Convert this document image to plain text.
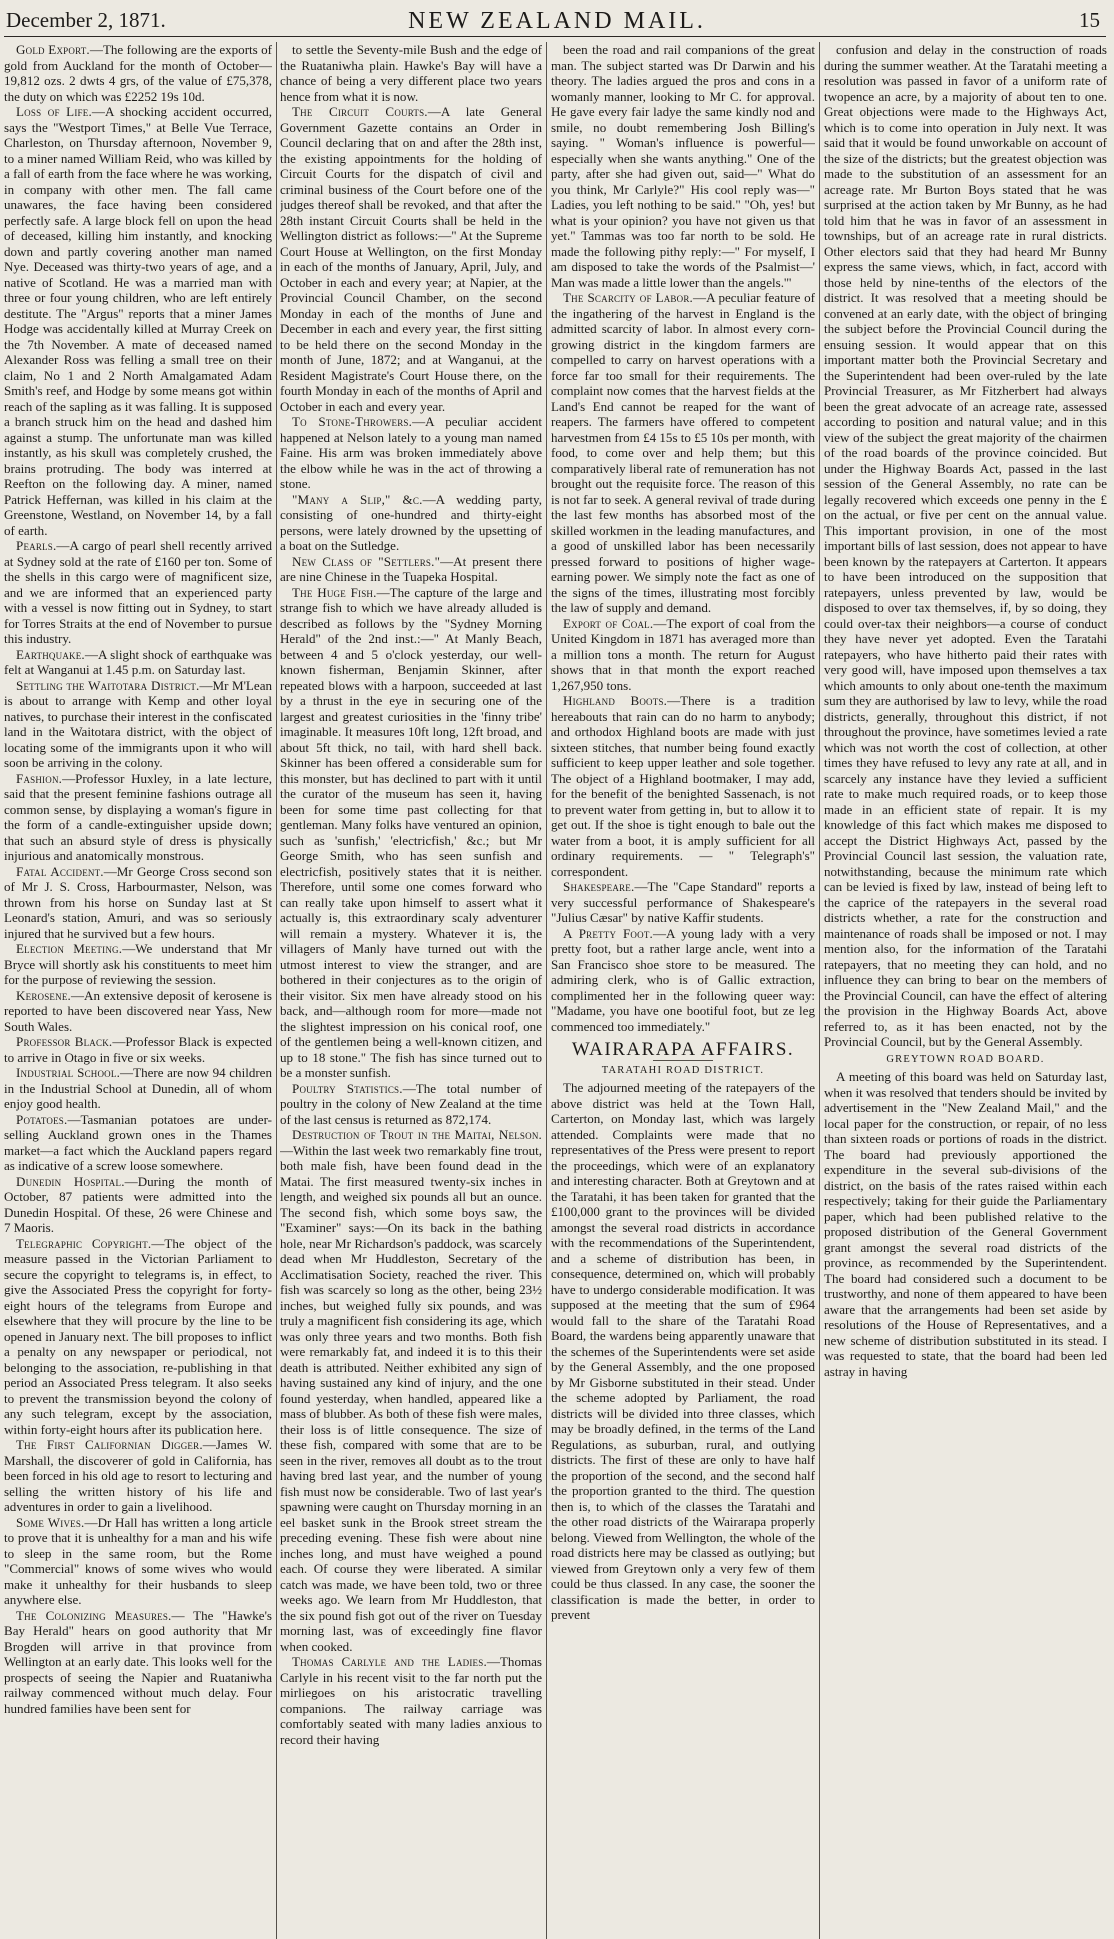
December 2, 1871.	NEW ZEALAND MAIL.	15

Gold Export.—The following are the exports of gold from Auckland for the month of October—19,812 ozs. 2 dwts 4 grs, of the value of £75,378, the duty on which was £2252 19s 10d.

Loss of Life.—A shocking accident occurred, says the "Westport Times," at Belle Vue Terrace, Charleston, on Thursday afternoon, November 9, to a miner named William Reid, who was killed by a fall of earth from the face where he was working, in company with other men. The fall came unawares, the face having been considered perfectly safe. A large block fell on upon the head of deceased, killing him instantly, and knocking down and partly covering another man named Nye. Deceased was thirty-two years of age, and a native of Scotland. He was a married man with three or four young children, who are left entirely destitute. The "Argus" reports that a miner James Hodge was accidentally killed at Murray Creek on the 7th November. A mate of deceased named Alexander Ross was felling a small tree on their claim, No 1 and 2 North Amalgamated Adam Smith's reef, and Hodge by some means got within reach of the sapling as it was falling. It is supposed a branch struck him on the head and dashed him against a stump. The unfortunate man was killed instantly, as his skull was completely crushed, the brains protruding. The body was interred at Reefton on the following day. A miner, named Patrick Heffernan, was killed in his claim at the Greenstone, Westland, on November 14, by a fall of earth.

Pearls.—A cargo of pearl shell recently arrived at Sydney sold at the rate of £160 per ton. Some of the shells in this cargo were of magnificent size, and we are informed that an experienced party with a vessel is now fitting out in Sydney, to start for Torres Straits at the end of November to pursue this industry.

Earthquake.—A slight shock of earthquake was felt at Wanganui at 1.45 p.m. on Saturday last.

Settling the Waitotara District.—Mr M'Lean is about to arrange with Kemp and other loyal natives, to purchase their interest in the confiscated land in the Waitotara district, with the object of locating some of the immigrants upon it who will soon be arriving in the colony.

Fashion.—Professor Huxley, in a late lecture, said that the present feminine fashions outrage all common sense, by displaying a woman's figure in the form of a candle-extinguisher upside down; that such an absurd style of dress is physically injurious and anatomically monstrous.

Fatal Accident.—Mr George Cross second son of Mr J. S. Cross, Harbourmaster, Nelson, was thrown from his horse on Sunday last at St Leonard's station, Amuri, and was so seriously injured that he survived but a few hours.

Election Meeting.—We understand that Mr Bryce will shortly ask his constituents to meet him for the purpose of reviewing the session.

Kerosene.—An extensive deposit of kerosene is reported to have been discovered near Yass, New South Wales.

Professor Black.—Professor Black is expected to arrive in Otago in five or six weeks.

Industrial School.—There are now 94 children in the Industrial School at Dunedin, all of whom enjoy good health.

Potatoes.—Tasmanian potatoes are under-selling Auckland grown ones in the Thames market—a fact which the Auckland papers regard as indicative of a screw loose somewhere.

Dunedin Hospital.—During the month of October, 87 patients were admitted into the Dunedin Hospital. Of these, 26 were Chinese and 7 Maoris.

Telegraphic Copyright.—The object of the measure passed in the Victorian Parliament to secure the copyright to telegrams is, in effect, to give the Associated Press the copyright for forty-eight hours of the telegrams from Europe and elsewhere that they will procure by the line to be opened in January next. The bill proposes to inflict a penalty on any newspaper or periodical, not belonging to the association, re-publishing in that period an Associated Press telegram. It also seeks to prevent the transmission beyond the colony of any such telegram, except by the association, within forty-eight hours after its publication here.

The First Californian Digger.—James W. Marshall, the discoverer of gold in California, has been forced in his old age to resort to lecturing and selling the written history of his life and adventures in order to gain a livelihood.

Some Wives.—Dr Hall has written a long article to prove that it is unhealthy for a man and his wife to sleep in the same room, but the Rome "Commercial" knows of some wives who would make it unhealthy for their husbands to sleep anywhere else.

The Colonizing Measures.— The "Hawke's Bay Herald" hears on good authority that Mr Brogden will arrive in that province from Wellington at an early date. This looks well for the prospects of seeing the Napier and Ruataniwha railway commenced without much delay. Four hundred families have been sent for

to settle the Seventy-mile Bush and the edge of the Ruataniwha plain. Hawke's Bay will have a chance of being a very different place two years hence from what it is now.

The Circuit Courts.—A late General Government Gazette contains an Order in Council declaring that on and after the 28th inst, the existing appointments for the holding of Circuit Courts for the dispatch of civil and criminal business of the Court before one of the judges thereof shall be revoked, and that after the 28th instant Circuit Courts shall be held in the Wellington district as follows:—" At the Supreme Court House at Wellington, on the first Monday in each of the months of January, April, July, and October in each and every year; at Napier, at the Provincial Council Chamber, on the second Monday in each of the months of June and December in each and every year, the first sitting to be held there on the second Monday in the month of June, 1872; and at Wanganui, at the Resident Magistrate's Court House there, on the fourth Monday in each of the months of April and October in each and every year.

To Stone-Throwers.—A peculiar accident happened at Nelson lately to a young man named Faine. His arm was broken immediately above the elbow while he was in the act of throwing a stone.

"Many a Slip," &c.—A wedding party, consisting of one-hundred and thirty-eight persons, were lately drowned by the upsetting of a boat on the Sutledge.

New Class of "Settlers."—At present there are nine Chinese in the Tuapeka Hospital.

The Huge Fish.—The capture of the large and strange fish to which we have already alluded is described as follows by the "Sydney Morning Herald" of the 2nd inst.:—" At Manly Beach, between 4 and 5 o'clock yesterday, our well-known fisherman, Benjamin Skinner, after repeated blows with a harpoon, succeeded at last by a thrust in the eye in securing one of the largest and greatest curiosities in the 'finny tribe' imaginable. It measures 10ft long, 12ft broad, and about 5ft thick, no tail, with hard shell back. Skinner has been offered a considerable sum for this monster, but has declined to part with it until the curator of the museum has seen it, having been for some time past collecting for that gentleman. Many folks have ventured an opinion, such as 'sunfish,' 'electricfish,' &c.; but Mr George Smith, who has seen sunfish and electricfish, positively states that it is neither. Therefore, until some one comes forward who can really take upon himself to assert what it actually is, this extraordinary scaly adventurer will remain a mystery. Whatever it is, the villagers of Manly have turned out with the utmost interest to view the stranger, and are bothered in their conjectures as to the origin of their visitor. Six men have already stood on his back, and—although room for more—made not the slightest impression on his conical roof, one of the gentlemen being a well-known citizen, and up to 18 stone." The fish has since turned out to be a monster sunfish.

Poultry Statistics.—The total number of poultry in the colony of New Zealand at the time of the last census is returned as 872,174.

Destruction of Trout in the Maitai, Nelson.—Within the last week two remarkably fine trout, both male fish, have been found dead in the Matai. The first measured twenty-six inches in length, and weighed six pounds all but an ounce. The second fish, which some boys saw, the "Examiner" says:—On its back in the bathing hole, near Mr Richardson's paddock, was scarcely dead when Mr Huddleston, Secretary of the Acclimatisation Society, reached the river. This fish was scarcely so long as the other, being 23½ inches, but weighed fully six pounds, and was truly a magnificent fish considering its age, which was only three years and two months. Both fish were remarkably fat, and indeed it is to this their death is attributed. Neither exhibited any sign of having sustained any kind of injury, and the one found yesterday, when handled, appeared like a mass of blubber. As both of these fish were males, their loss is of little consequence. The size of these fish, compared with some that are to be seen in the river, removes all doubt as to the trout having bred last year, and the number of young fish must now be considerable. Two of last year's spawning were caught on Thursday morning in an eel basket sunk in the Brook street stream the preceding evening. These fish were about nine inches long, and must have weighed a pound each. Of course they were liberated. A similar catch was made, we have been told, two or three weeks ago. We learn from Mr Huddleston, that the six pound fish got out of the river on Tuesday morning last, was of exceedingly fine flavor when cooked.

Thomas Carlyle and the Ladies.—Thomas Carlyle in his recent visit to the far north put the mirliegoes on his aristocratic travelling companions. The railway carriage was comfortably seated with many ladies anxious to record their having

been the road and rail companions of the great man. The subject started was Dr Darwin and his theory. The ladies argued the pros and cons in a womanly manner, looking to Mr C. for approval. He gave every fair ladye the same kindly nod and smile, no doubt remembering Josh Billing's saying. " Woman's influence is powerful—especially when she wants anything." One of the party, after she had given out, said—" What do you think, Mr Carlyle?" His cool reply was—" Ladies, you left nothing to be said." "Oh, yes! but what is your opinion? you have not given us that yet." Tammas was too far north to be sold. He made the following pithy reply:—" For myself, I am disposed to take the words of the Psalmist—' Man was made a little lower than the angels.'"

The Scarcity of Labor.—A peculiar feature of the ingathering of the harvest in England is the admitted scarcity of labor. In almost every corn-growing district in the kingdom farmers are compelled to carry on harvest operations with a force far too small for their requirements. The complaint now comes that the harvest fields at the Land's End cannot be reaped for the want of reapers. The farmers have offered to competent harvestmen from £4 15s to £5 10s per month, with food, to come over and help them; but this comparatively liberal rate of remuneration has not brought out the requisite force. The reason of this is not far to seek. A general revival of trade during the last few months has absorbed most of the skilled workmen in the leading manufactures, and a good of unskilled labor has been necessarily pressed forward to positions of higher wage-earning power. We simply note the fact as one of the signs of the times, illustrating most forcibly the law of supply and demand.

Export of Coal.—The export of coal from the United Kingdom in 1871 has averaged more than a million tons a month. The return for August shows that in that month the export reached 1,267,950 tons.

Highland Boots.—There is a tradition hereabouts that rain can do no harm to anybody; and orthodox Highland boots are made with just sixteen stitches, that number being found exactly sufficient to keep upper leather and sole together. The object of a Highland bootmaker, I may add, for the benefit of the benighted Sassenach, is not to prevent water from getting in, but to allow it to get out. If the shoe is tight enough to bale out the water from a boot, it is amply sufficient for all ordinary requirements. — " Telegraph's" correspondent.

Shakespeare.—The "Cape Standard" reports a very successful performance of Shakespeare's "Julius Cæsar" by native Kaffir students.

A Pretty Foot.—A young lady with a very pretty foot, but a rather large ancle, went into a San Francisco shoe store to be measured. The admiring clerk, who is of Gallic extraction, complimented her in the following queer way: "Madame, you have one bootiful foot, but ze leg commenced too immediately."

WAIRARAPA AFFAIRS.
TARATAHI ROAD DISTRICT.

The adjourned meeting of the ratepayers of the above district was held at the Town Hall, Carterton, on Monday last, which was largely attended. Complaints were made that no representatives of the Press were present to report the proceedings, which were of an explanatory and interesting character. Both at Greytown and at the Taratahi, it has been taken for granted that the £100,000 grant to the provinces will be divided amongst the several road districts in accordance with the recommendations of the Superintendent, and a scheme of distribution has been, in consequence, determined on, which will probably have to undergo considerable modification. It was supposed at the meeting that the sum of £964 would fall to the share of the Taratahi Road Board, the wardens being apparently unaware that the schemes of the Superintendents were set aside by the General Assembly, and the one proposed by Mr Gisborne substituted in their stead. Under the scheme adopted by Parliament, the road districts will be divided into three classes, which may be broadly defined, in the terms of the Land Regulations, as suburban, rural, and outlying districts. The first of these are only to have half the proportion of the second, and the second half the proportion granted to the third. The question then is, to which of the classes the Taratahi and the other road districts of the Wairarapa properly belong. Viewed from Wellington, the whole of the road districts here may be classed as outlying; but viewed from Greytown only a very few of them could be thus classed. In any case, the sooner the classification is made the better, in order to prevent

confusion and delay in the construction of roads during the summer weather. At the Taratahi meeting a resolution was passed in favor of a uniform rate of twopence an acre, by a majority of about ten to one. Great objections were made to the Highways Act, which is to come into operation in July next. It was said that it would be found unworkable on account of the size of the districts; but the greatest objection was made to the substitution of an assessment for an acreage rate. Mr Burton Boys stated that he was surprised at the action taken by Mr Bunny, as he had told him that he was in favor of an assessment in townships, but of an acreage rate in rural districts. Other electors said that they had heard Mr Bunny express the same views, which, in fact, accord with those held by nine-tenths of the electors of the district. It was resolved that a meeting should be convened at an early date, with the object of bringing the subject before the Provincial Council during the ensuing session. It would appear that on this important matter both the Provincial Secretary and the Superintendent had been over-ruled by the late Provincial Treasurer, as Mr Fitzherbert had always been the great advocate of an acreage rate, assessed according to position and natural value; and in this view of the subject the great majority of the chairmen of the road boards of the province coincided. But under the Highway Boards Act, passed in the last session of the General Assembly, no rate can be legally recovered which exceeds one penny in the £ on the actual, or five per cent on the annual value. This important provision, in one of the most important bills of last session, does not appear to have been known by the ratepayers at Carterton. It appears to have been introduced on the supposition that ratepayers, unless prevented by law, would be disposed to over tax themselves, if, by so doing, they could over-tax their neighbors—a course of conduct they have never yet adopted. Even the Taratahi ratepayers, who have hitherto paid their rates with very good will, have imposed upon themselves a tax which amounts to only about one-tenth the maximum sum they are authorised by law to levy, while the road districts, generally, throughout this district, if not throughout the province, have sometimes levied a rate which was not worth the cost of collection, at other times they have refused to levy any rate at all, and in scarcely any instance have they levied a sufficient rate to make much required roads, or to keep those made in an efficient state of repair. It is my knowledge of this fact which makes me disposed to accept the District Highways Act, passed by the Provincial Council last session, the valuation rate, notwithstanding, because the minimum rate which can be levied is fixed by law, instead of being left to the caprice of the ratepayers in the several road districts whether, a rate for the construction and maintenance of roads shall be imposed or not. I may mention also, for the information of the Taratahi ratepayers, that no meeting they can hold, and no influence they can bring to bear on the members of the Provincial Council, can have the effect of altering the provision in the Highway Boards Act, above referred to, as it has been enacted, not by the Provincial Council, but by the General Assembly.

GREYTOWN ROAD BOARD.

A meeting of this board was held on Saturday last, when it was resolved that tenders should be invited by advertisement in the "New Zealand Mail," and the local paper for the construction, or repair, of no less than sixteen roads or portions of roads in the district. The board had previously apportioned the expenditure in the several sub-divisions of the district, on the basis of the rates raised within each respectively; taking for their guide the Parliamentary paper, which had been published relative to the proposed distribution of the General Government grant amongst the several road districts of the province, as recommended by the Superintendent. The board had considered such a document to be trustworthy, and none of them appeared to have been aware that the arrangements had been set aside by resolutions of the House of Representatives, and a new scheme of distribution substituted in its stead. I was requested to state, that the board had been led astray in having
